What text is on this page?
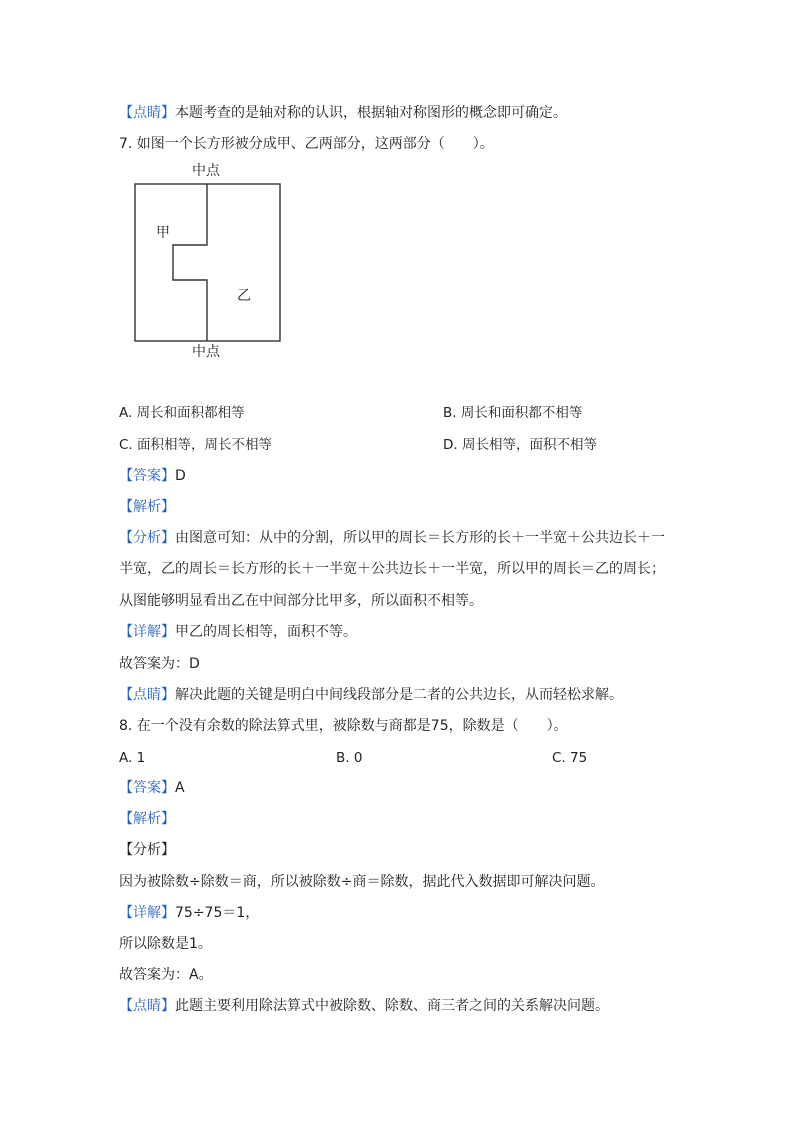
【点睛】本题考查的是轴对称的认识，根据轴对称图形的概念即可确定。
7. 如图一个长方形被分成甲、乙两部分，这两部分（　　）。
中点
中点
甲
乙
A. 周长和面积都相等	B. 周长和面积都不相等
C. 面积相等，周长不相等	D. 周长相等，面积不相等
【答案】D
【解析】
【分析】由图意可知：从中的分割，所以甲的周长＝长方形的长＋一半宽＋公共边长＋一
半宽，乙的周长＝长方形的长＋一半宽＋公共边长＋一半宽，所以甲的周长＝乙的周长；
从图能够明显看出乙在中间部分比甲多，所以面积不相等。
【详解】甲乙的周长相等，面积不等。
故答案为：D
【点睛】解决此题的关键是明白中间线段部分是二者的公共边长，从而轻松求解。
8. 在一个没有余数的除法算式里，被除数与商都是75，除数是（　　）。
A. 1	B. 0	C. 75
【答案】A
【解析】
【分析】
因为被除数÷除数＝商，所以被除数÷商＝除数，据此代入数据即可解决问题。
【详解】75÷75＝1，
所以除数是1。
故答案为：A。
【点睛】此题主要利用除法算式中被除数、除数、商三者之间的关系解决问题。
